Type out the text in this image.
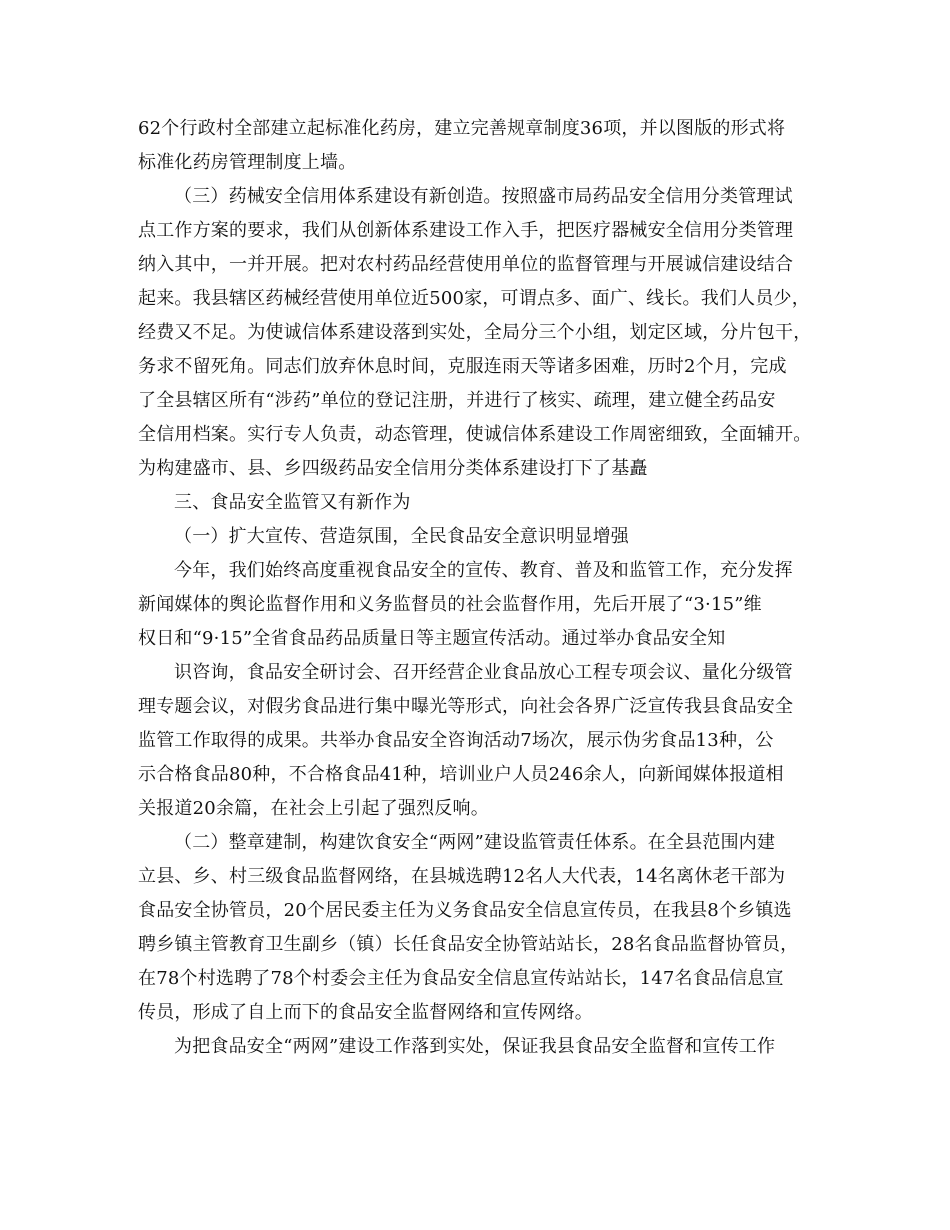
62个行政村全部建立起标准化药房，建立完善规章制度36项，并以图版的形式将
标准化药房管理制度上墙。
（三）药械安全信用体系建设有新创造。按照盛市局药品安全信用分类管理试
点工作方案的要求，我们从创新体系建设工作入手，把医疗器械安全信用分类管理
纳入其中，一并开展。把对农村药品经营使用单位的监督管理与开展诚信建设结合
起来。我县辖区药械经营使用单位近500家，可谓点多、面广、线长。我们人员少，
经费又不足。为使诚信体系建设落到实处，全局分三个小组，划定区域，分片包干，
务求不留死角。同志们放弃休息时间，克服连雨天等诸多困难，历时2个月，完成
了全县辖区所有“涉药”单位的登记注册，并进行了核实、疏理，建立健全药品安
全信用档案。实行专人负责，动态管理，使诚信体系建设工作周密细致，全面辅开。
为构建盛市、县、乡四级药品安全信用分类体系建设打下了基矗
三、食品安全监管又有新作为
（一）扩大宣传、营造氛围，全民食品安全意识明显增强
今年，我们始终高度重视食品安全的宣传、教育、普及和监管工作，充分发挥
新闻媒体的舆论监督作用和义务监督员的社会监督作用，先后开展了“3·15”维
权日和“9·15”全省食品药品质量日等主题宣传活动。通过举办食品安全知
识咨询，食品安全研讨会、召开经营企业食品放心工程专项会议、量化分级管
理专题会议，对假劣食品进行集中曝光等形式，向社会各界广泛宣传我县食品安全
监管工作取得的成果。共举办食品安全咨询活动7场次，展示伪劣食品13种，公
示合格食品80种，不合格食品41种，培训业户人员246余人，向新闻媒体报道相
关报道20余篇，在社会上引起了强烈反响。
（二）整章建制，构建饮食安全“两网”建设监管责任体系。在全县范围内建
立县、乡、村三级食品监督网络，在县城选聘12名人大代表，14名离休老干部为
食品安全协管员，20个居民委主任为义务食品安全信息宣传员，在我县8个乡镇选
聘乡镇主管教育卫生副乡（镇）长任食品安全协管站站长，28名食品监督协管员，
在78个村选聘了78个村委会主任为食品安全信息宣传站站长，147名食品信息宣
传员，形成了自上而下的食品安全监督网络和宣传网络。
为把食品安全“两网”建设工作落到实处，保证我县食品安全监督和宣传工作
